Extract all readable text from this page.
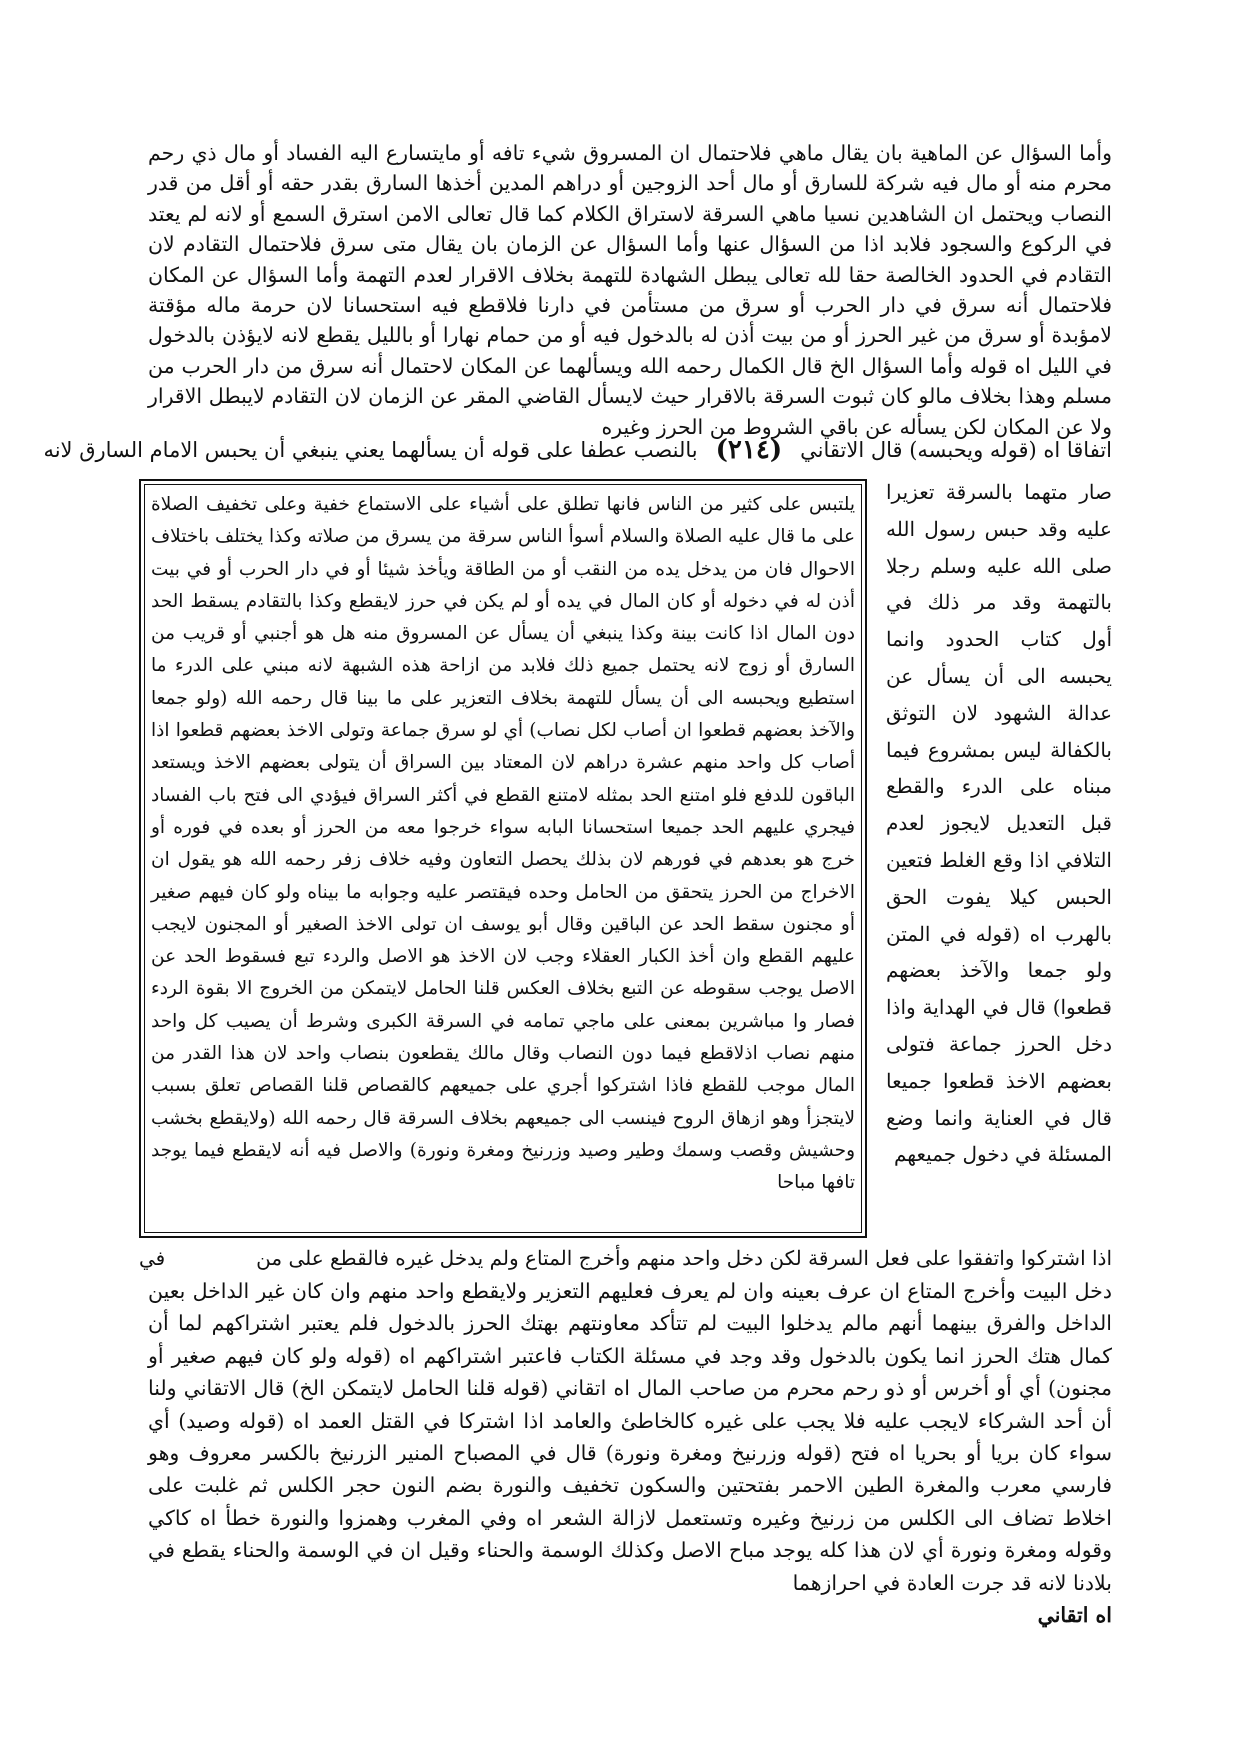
وأما السؤال عن الماهية بان يقال ماهي فلاحتمال ان المسروق شيء تافه أو مايتسارع اليه الفساد أو مال ذي رحم محرم منه أو مال فيه شركة للسارق أو مال أحد الزوجين أو دراهم المدين أخذها السارق بقدر حقه أو أقل من قدر النصاب ويحتمل ان الشاهدين نسيا ماهي السرقة لاستراق الكلام كما قال تعالى الامن استرق السمع أو لانه لم يعتد في الركوع والسجود فلابد اذا من السؤال عنها وأما السؤال عن الزمان بان يقال متى سرق فلاحتمال التقادم لان التقادم في الحدود الخالصة حقا لله تعالى يبطل الشهادة للتهمة بخلاف الاقرار لعدم التهمة وأما السؤال عن المكان فلاحتمال أنه سرق في دار الحرب أو سرق من مستأمن في دارنا فلاقطع فيه استحسانا لان حرمة ماله مؤقتة لامؤبدة أو سرق من غير الحرز أو من بيت أذن له بالدخول فيه أو من حمام نهارا أو بالليل يقطع لانه لايؤذن بالدخول في الليل اه قوله وأما السؤال الخ قال الكمال رحمه الله ويسألهما عن المكان لاحتمال أنه سرق من دار الحرب من مسلم وهذا بخلاف مالو كان ثبوت السرقة بالاقرار حيث لايسأل القاضي المقر عن الزمان لان التقادم لايبطل الاقرار ولا عن المكان لكن يسأله عن باقي الشروط من الحرز وغيره
اتفاقا اه (قوله ويحبسه) قال الاتقاني
(٢١٤)
بالنصب عطفا على قوله أن يسألهما يعني ينبغي أن يحبس الامام السارق لانه
صار متهما بالسرقة تعزيرا عليه وقد حبس رسول الله صلى الله عليه وسلم رجلا بالتهمة وقد مر ذلك في أول كتاب الحدود وانما يحبسه الى أن يسأل عن عدالة الشهود لان التوثق بالكفالة ليس بمشروع فيما مبناه على الدرء والقطع قبل التعديل لايجوز لعدم التلافي اذا وقع الغلط فتعين الحبس كيلا يفوت الحق بالهرب اه (قوله في المتن ولو جمعا والآخذ بعضهم قطعوا) قال في الهداية واذا دخل الحرز جماعة فتولى بعضهم الاخذ قطعوا جميعا قال في العناية وانما وضع المسئلة في دخول جميعهم
يلتبس على كثير من الناس فانها تطلق على أشياء على الاستماع خفية وعلى تخفيف الصلاة على ما قال عليه الصلاة والسلام أسوأ الناس سرقة من يسرق من صلاته وكذا يختلف باختلاف الاحوال فان من يدخل يده من النقب أو من الطاقة ويأخذ شيئا أو في دار الحرب أو في بيت أذن له في دخوله أو كان المال في يده أو لم يكن في حرز لايقطع وكذا بالتقادم يسقط الحد دون المال اذا كانت بينة وكذا ينبغي أن يسأل عن المسروق منه هل هو أجنبي أو قريب من السارق أو زوج لانه يحتمل جميع ذلك فلابد من ازاحة هذه الشبهة لانه مبني على الدرء ما استطيع ويحبسه الى أن يسأل للتهمة بخلاف التعزير على ما بينا قال رحمه الله (ولو جمعا والآخذ بعضهم قطعوا ان أصاب لكل نصاب) أي لو سرق جماعة وتولى الاخذ بعضهم قطعوا اذا أصاب كل واحد منهم عشرة دراهم لان المعتاد بين السراق أن يتولى بعضهم الاخذ ويستعد الباقون للدفع فلو امتنع الحد بمثله لامتنع القطع في أكثر السراق فيؤدي الى فتح باب الفساد فيجري عليهم الحد جميعا استحسانا البابه سواء خرجوا معه من الحرز أو بعده في فوره أو خرج هو بعدهم في فورهم لان بذلك يحصل التعاون وفيه خلاف زفر رحمه الله هو يقول ان الاخراج من الحرز يتحقق من الحامل وحده فيقتصر عليه وجوابه ما بيناه ولو كان فيهم صغير أو مجنون سقط الحد عن الباقين وقال أبو يوسف ان تولى الاخذ الصغير أو المجنون لايجب عليهم القطع وان أخذ الكبار العقلاء وجب لان الاخذ هو الاصل والردء تبع فسقوط الحد عن الاصل يوجب سقوطه عن التبع بخلاف العكس قلنا الحامل لايتمكن من الخروج الا بقوة الردء فصار وا مباشرين بمعنى على ماجي تمامه في السرقة الكبرى وشرط أن يصيب كل واحد منهم نصاب اذلاقطع فيما دون النصاب وقال مالك يقطعون بنصاب واحد لان هذا القدر من المال موجب للقطع فاذا اشتركوا أجري على جميعهم كالقصاص قلنا القصاص تعلق بسبب لايتجزأ وهو ازهاق الروح فينسب الى جميعهم بخلاف السرقة قال رحمه الله (ولايقطع بخشب وحشيش وقصب وسمك وطير وصيد وزرنيخ ومغرة ونورة) والاصل فيه أنه لايقطع فيما يوجد تافها مباحا
اذا اشتركوا واتفقوا على فعل السرقة لكن دخل واحد منهم وأخرج المتاع ولم يدخل غيره فالقطع على من
في
دخل البيت وأخرج المتاع ان عرف بعينه وان لم يعرف فعليهم التعزير ولايقطع واحد منهم وان كان غير الداخل بعين الداخل والفرق بينهما أنهم مالم يدخلوا البيت لم تتأكد معاونتهم بهتك الحرز بالدخول فلم يعتبر اشتراكهم لما أن كمال هتك الحرز انما يكون بالدخول وقد وجد في مسئلة الكتاب فاعتبر اشتراكهم اه (قوله ولو كان فيهم صغير أو مجنون) أي أو أخرس أو ذو رحم محرم من صاحب المال اه اتقاني (قوله قلنا الحامل لايتمكن الخ) قال الاتقاني ولنا أن أحد الشركاء لايجب عليه فلا يجب على غيره كالخاطئ والعامد اذا اشتركا في القتل العمد اه (قوله وصيد) أي سواء كان بريا أو بحريا اه فتح (قوله وزرنيخ ومغرة ونورة) قال في المصباح المنير الزرنيخ بالكسر معروف وهو فارسي معرب والمغرة الطين الاحمر بفتحتين والسكون تخفيف والنورة بضم النون حجر الكلس ثم غلبت على اخلاط تضاف الى الكلس من زرنيخ وغيره وتستعمل لازالة الشعر اه وفي المغرب وهمزوا والنورة خطأ اه كاكي وقوله ومغرة ونورة أي لان هذا كله يوجد مباح الاصل وكذلك الوسمة والحناء وقيل ان في الوسمة والحناء يقطع في بلادنا لانه قد جرت العادة في احرازهما
اه اتقاني
